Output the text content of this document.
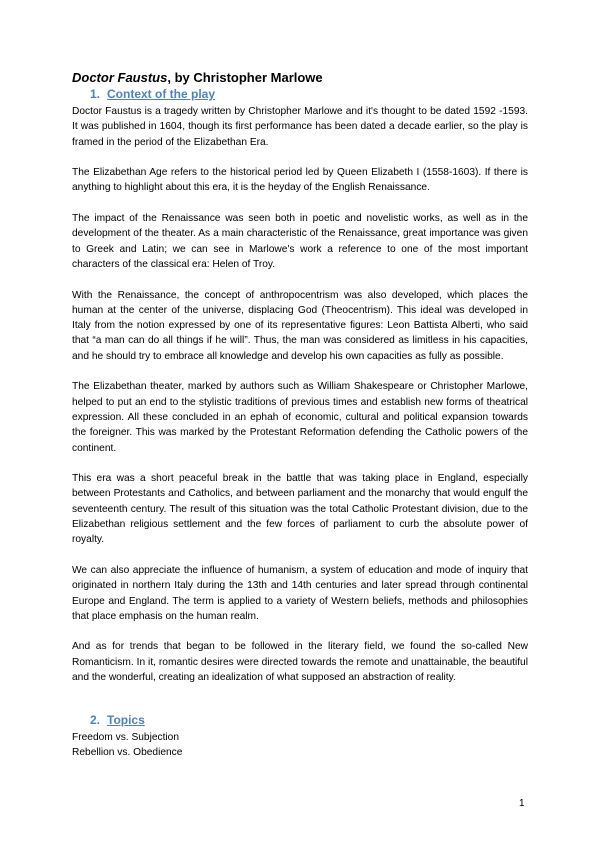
Doctor Faustus, by Christopher Marlowe

1. Context of the play

Doctor Faustus is a tragedy written by Christopher Marlowe and it's thought to be dated 1592 -1593. It was published in 1604, though its first performance has been dated a decade earlier, so the play is framed in the period of the Elizabethan Era.

The Elizabethan Age refers to the historical period led by Queen Elizabeth I (1558-1603). If there is anything to highlight about this era, it is the heyday of the English Renaissance.

The impact of the Renaissance was seen both in poetic and novelistic works, as well as in the development of the theater. As a main characteristic of the Renaissance, great importance was given to Greek and Latin; we can see in Marlowe's work a reference to one of the most important characters of the classical era: Helen of Troy.

With the Renaissance, the concept of anthropocentrism was also developed, which places the human at the center of the universe, displacing God (Theocentrism). This ideal was developed in Italy from the notion expressed by one of its representative figures: Leon Battista Alberti, who said that “a man can do all things if he will”. Thus, the man was considered as limitless in his capacities, and he should try to embrace all knowledge and develop his own capacities as fully as possible.

The Elizabethan theater, marked by authors such as William Shakespeare or Christopher Marlowe, helped to put an end to the stylistic traditions of previous times and establish new forms of theatrical expression. All these concluded in an ephah of economic, cultural and political expansion towards the foreigner. This was marked by the Protestant Reformation defending the Catholic powers of the continent.

This era was a short peaceful break in the battle that was taking place in England, especially between Protestants and Catholics, and between parliament and the monarchy that would engulf the seventeenth century. The result of this situation was the total Catholic Protestant division, due to the Elizabethan religious settlement and the few forces of parliament to curb the absolute power of royalty.

We can also appreciate the influence of humanism, a system of education and mode of inquiry that originated in northern Italy during the 13th and 14th centuries and later spread through continental Europe and England. The term is applied to a variety of Western beliefs, methods and philosophies that place emphasis on the human realm.

And as for trends that began to be followed in the literary field, we found the so-called New Romanticism. In it, romantic desires were directed towards the remote and unattainable, the beautiful and the wonderful, creating an idealization of what supposed an abstraction of reality.

2. Topics

Freedom vs. Subjection

Rebellion vs. Obedience

1
